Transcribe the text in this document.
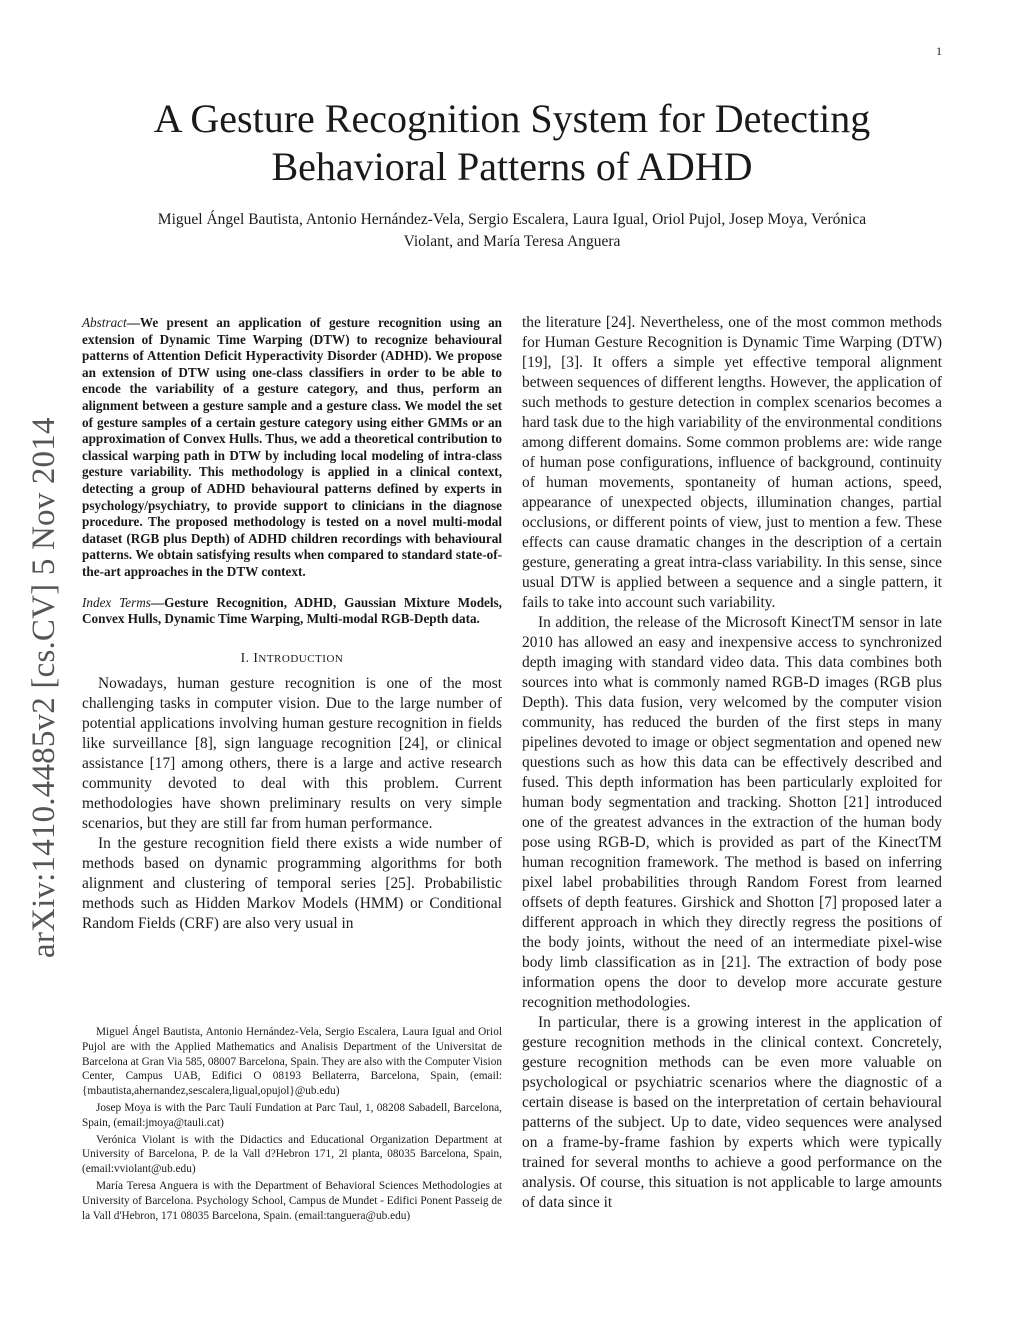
1
arXiv:1410.4485v2 [cs.CV] 5 Nov 2014
A Gesture Recognition System for Detecting
Behavioral Patterns of ADHD
Miguel Ángel Bautista, Antonio Hernández-Vela, Sergio Escalera, Laura Igual, Oriol Pujol, Josep Moya, Verónica
Violant, and María Teresa Anguera

Abstract—We present an application of gesture recognition using an extension of Dynamic Time Warping (DTW) to recognize behavioural patterns of Attention Deficit Hyperactivity Disorder (ADHD). We propose an extension of DTW using one-class classifiers in order to be able to encode the variability of a gesture category, and thus, perform an alignment between a gesture sample and a gesture class. We model the set of gesture samples of a certain gesture category using either GMMs or an approximation of Convex Hulls. Thus, we add a theoretical contribution to classical warping path in DTW by including local modeling of intra-class gesture variability. This methodology is applied in a clinical context, detecting a group of ADHD behavioural patterns defined by experts in psychology/psychiatry, to provide support to clinicians in the diagnose procedure. The proposed methodology is tested on a novel multi-modal dataset (RGB plus Depth) of ADHD children recordings with behavioural patterns. We obtain satisfying results when compared to standard state-of-the-art approaches in the DTW context.

Index Terms—Gesture Recognition, ADHD, Gaussian Mixture Models, Convex Hulls, Dynamic Time Warping, Multi-modal RGB-Depth data.

I. INTRODUCTION

Nowadays, human gesture recognition is one of the most challenging tasks in computer vision. Due to the large number of potential applications involving human gesture recognition in fields like surveillance [8], sign language recognition [24], or clinical assistance [17] among others, there is a large and active research community devoted to deal with this problem. Current methodologies have shown preliminary results on very simple scenarios, but they are still far from human performance.

In the gesture recognition field there exists a wide number of methods based on dynamic programming algorithms for both alignment and clustering of temporal series [25]. Probabilistic methods such as Hidden Markov Models (HMM) or Conditional Random Fields (CRF) are also very usual in

Miguel Ángel Bautista, Antonio Hernández-Vela, Sergio Escalera, Laura Igual and Oriol Pujol are with the Applied Mathematics and Analisis Department of the Universitat de Barcelona at Gran Via 585, 08007 Barcelona, Spain. They are also with the Computer Vision Center, Campus UAB, Edifici O 08193 Bellaterra, Barcelona, Spain, (email: {mbautista,ahernandez,sescalera,ligual,opujol}@ub.edu)

Josep Moya is with the Parc Taulí Fundation at Parc Taul, 1, 08208 Sabadell, Barcelona, Spain, (email:jmoya@tauli.cat)

Verónica Violant is with the Didactics and Educational Organization Department at University of Barcelona, P. de la Vall d?Hebron 171, 2l planta, 08035 Barcelona, Spain, (email:vviolant@ub.edu)

María Teresa Anguera is with the Department of Behavioral Sciences Methodologies at University of Barcelona. Psychology School, Campus de Mundet - Edifici Ponent Passeig de la Vall d'Hebron, 171 08035 Barcelona, Spain. (email:tanguera@ub.edu)

the literature [24]. Nevertheless, one of the most common methods for Human Gesture Recognition is Dynamic Time Warping (DTW) [19], [3]. It offers a simple yet effective temporal alignment between sequences of different lengths. However, the application of such methods to gesture detection in complex scenarios becomes a hard task due to the high variability of the environmental conditions among different domains. Some common problems are: wide range of human pose configurations, influence of background, continuity of human movements, spontaneity of human actions, speed, appearance of unexpected objects, illumination changes, partial occlusions, or different points of view, just to mention a few. These effects can cause dramatic changes in the description of a certain gesture, generating a great intra-class variability. In this sense, since usual DTW is applied between a sequence and a single pattern, it fails to take into account such variability.

In addition, the release of the Microsoft KinectTM sensor in late 2010 has allowed an easy and inexpensive access to synchronized depth imaging with standard video data. This data combines both sources into what is commonly named RGB-D images (RGB plus Depth). This data fusion, very welcomed by the computer vision community, has reduced the burden of the first steps in many pipelines devoted to image or object segmentation and opened new questions such as how this data can be effectively described and fused. This depth information has been particularly exploited for human body segmentation and tracking. Shotton [21] introduced one of the greatest advances in the extraction of the human body pose using RGB-D, which is provided as part of the KinectTM human recognition framework. The method is based on inferring pixel label probabilities through Random Forest from learned offsets of depth features. Girshick and Shotton [7] proposed later a different approach in which they directly regress the positions of the body joints, without the need of an intermediate pixel-wise body limb classification as in [21]. The extraction of body pose information opens the door to develop more accurate gesture recognition methodologies.

In particular, there is a growing interest in the application of gesture recognition methods in the clinical context. Concretely, gesture recognition methods can be even more valuable on psychological or psychiatric scenarios where the diagnostic of a certain disease is based on the interpretation of certain behavioural patterns of the subject. Up to date, video sequences were analysed on a frame-by-frame fashion by experts which were typically trained for several months to achieve a good performance on the analysis. Of course, this situation is not applicable to large amounts of data since it
